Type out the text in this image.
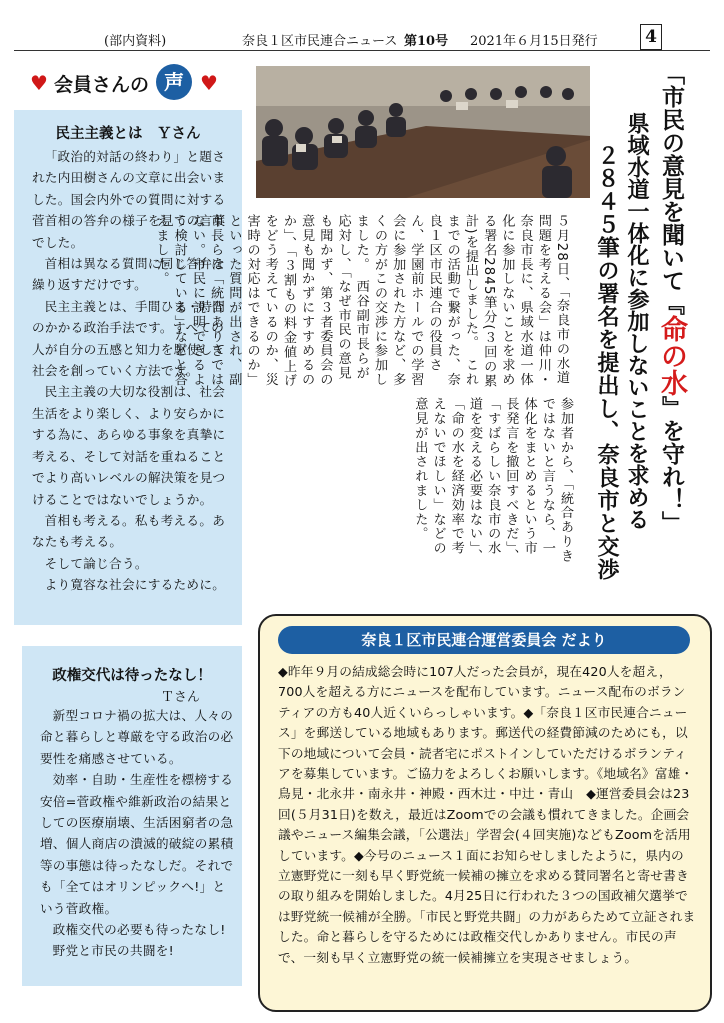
(部内資料)	奈良１区市民連合ニュース 第10号 2021年６月15日発行	4
♥ 会員さんの 声 ♥
民主主義とは　Ｙさん

「政治的対話の終わり」と題された内田樹さんの文章に出会いました。国会内外での質問に対する菅首相の答弁の様子を見ての言葉でした。

首相は異なる質問に同じ答弁を繰り返すだけです。

民主主義とは、手間ひま・時間のかかる政治手法です。すべての人が自分の五感と知力を駆使して社会を創っていく方法です。

民主主義の大切な役割は、社会生活をより楽しく、より安らかにする為に、あらゆる事象を真摯に考える、そして対話を重ねることでより高いレベルの解決策を見つけることではないでしょうか。

首相も考える。私も考える。あなたも考える。

そして論じ合う。

より寛容な社会にするために。

政権交代は待ったなし！
Ｔさん

新型コロナ禍の拡大は、人々の命と暮らしと尊厳を守る政治の必要性を痛感させている。

効率・自助・生産性を標榜する安倍=菅政権や維新政治の結果としての医療崩壊、生活困窮者の急増、個人商店の潰滅的破綻の累積等の事態は待ったなしだ。それでも「全てはオリンピックへ!」という菅政権。

政権交代の必要も待ったなし!

野党と市民の共闘を!

「市民の意見を聞いて『命の水』を守れ！」
県域水道一体化に参加しないことを求める
２８４５筆の署名を提出し、奈良市と交渉
５月28日、「奈良市の水道問題を考える会」は仲川・奈良市長に、県域水道一体化に参加しないことを求める署名2845筆分(３回の累計)を提出しました。　これまでの活動で繋がった、奈良１区市民連合の役員さん、学園前ホールでの学習会に参加された方など、多くの方がこの交渉に参加しました。　西谷副市長らが応対し、「なぜ市民の意見も聞かず、第３者委員会の意見も聞かずにすすめるのか」、「３割もの料金値上げをどう考えているのか、災害時の対応はできるのか」といった質問が出され、副市長らは「統合ありきではない。市民に説明できるよう検討している」などと答えました。
参加者から、「統合ありきではないと言うなら、一体化をまとめるという市長発言を撤回すべきだ」、「すばらしい奈良市の水道を変える必要はない」、「命の水を経済効率で考えないでほしい」などの意見が出されました。
奈良１区市民連合運営委員会 だより

◆昨年９月の結成総会時に107人だった会員が，現在420人を超え，700人を超える方にニュースを配布しています。ニュース配布のボランティアの方も40人近くいらっしゃいます。◆「奈良１区市民連合ニュース」を郵送している地域もあります。郵送代の経費節減のためにも，以下の地域について会員・読者宅にポストインしていただけるボランティアを募集しています。ご協力をよろしくお願いします。《地域名》富雄・鳥見・北永井・南永井・神殿・西木辻・中辻・青山　◆運営委員会は23回(５月31日)を数え，最近はZoomでの会議も慣れてきました。企画会議やニュース編集会議，「公選法」学習会(４回実施)などもZoomを活用しています。◆今号のニュース１面にお知らせしましたように，県内の立憲野党に一刻も早く野党統一候補の擁立を求める賛同署名と寄せ書きの取り組みを開始しました。4月25日に行われた３つの国政補欠選挙では野党統一候補が全勝。「市民と野党共闘」の力があらためて立証されました。命と暮らしを守るためには政権交代しかありません。市民の声で、一刻も早く立憲野党の統一候補擁立を実現させましょう。
